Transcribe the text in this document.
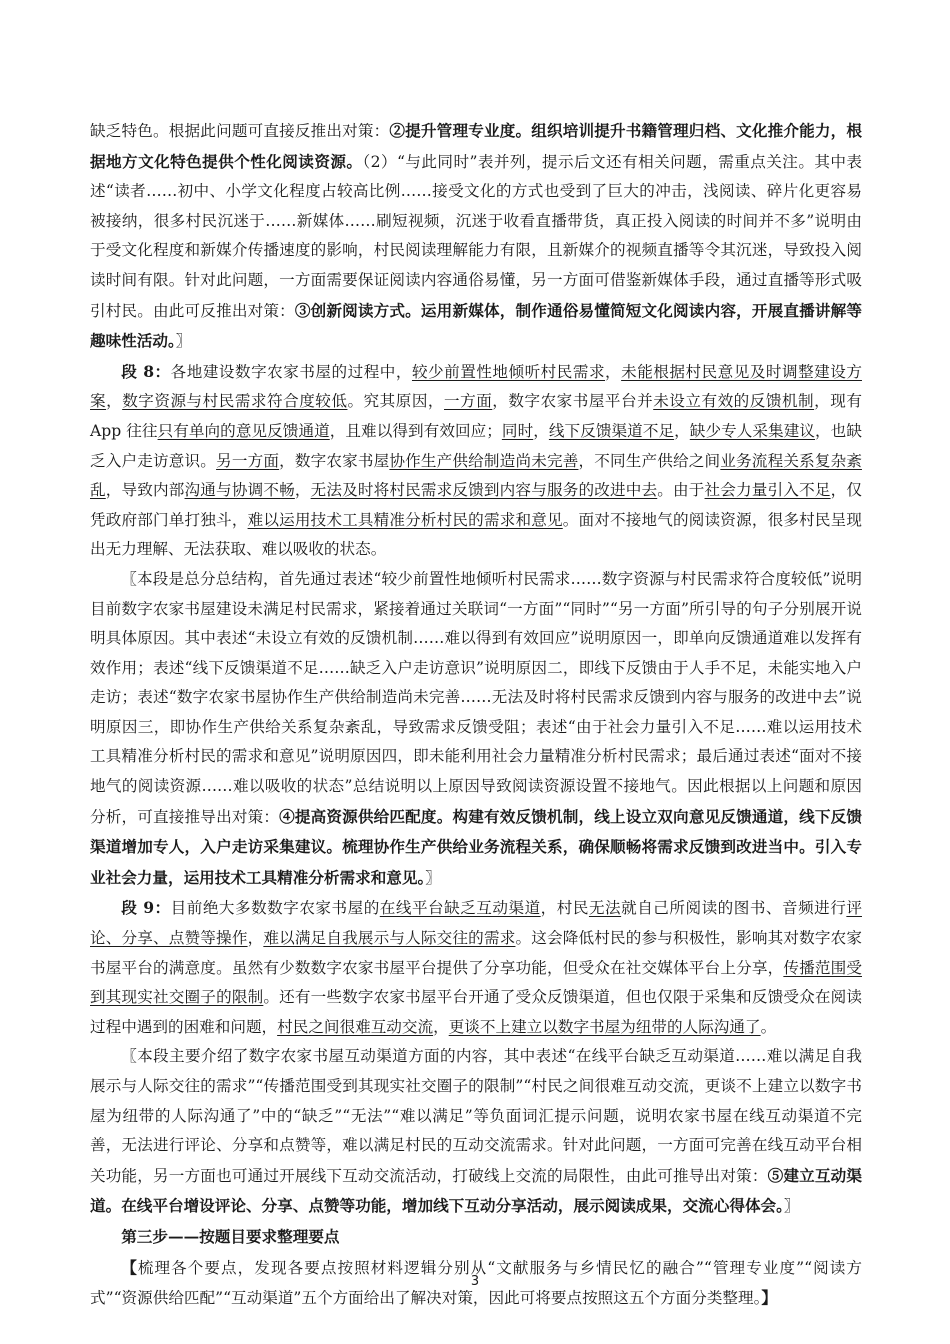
缺乏特色。根据此问题可直接反推出对策：②提升管理专业度。组织培训提升书籍管理归档、文化推介能力，根据地方文化特色提供个性化阅读资源。（2）“与此同时”表并列，提示后文还有相关问题，需重点关注。其中表述“读者……初中、小学文化程度占较高比例……接受文化的方式也受到了巨大的冲击，浅阅读、碎片化更容易被接纳，很多村民沉迷于……新媒体……刷短视频，沉迷于收看直播带货，真正投入阅读的时间并不多”说明由于受文化程度和新媒介传播速度的影响，村民阅读理解能力有限，且新媒介的视频直播等令其沉迷，导致投入阅读时间有限。针对此问题，一方面需要保证阅读内容通俗易懂，另一方面可借鉴新媒体手段，通过直播等形式吸引村民。由此可反推出对策：③创新阅读方式。运用新媒体，制作通俗易懂简短文化阅读内容，开展直播讲解等趣味性活动。〗

段 8：各地建设数字农家书屋的过程中，较少前置性地倾听村民需求，未能根据村民意见及时调整建设方案，数字资源与村民需求符合度较低。究其原因，一方面，数字农家书屋平台并未设立有效的反馈机制，现有 App 往往只有单向的意见反馈通道，且难以得到有效回应；同时，线下反馈渠道不足，缺少专人采集建议，也缺乏入户走访意识。另一方面，数字农家书屋协作生产供给制造尚未完善，不同生产供给之间业务流程关系复杂紊乱，导致内部沟通与协调不畅，无法及时将村民需求反馈到内容与服务的改进中去。由于社会力量引入不足，仅凭政府部门单打独斗，难以运用技术工具精准分析村民的需求和意见。面对不接地气的阅读资源，很多村民呈现出无力理解、无法获取、难以吸收的状态。

〖本段是总分总结构，首先通过表述“较少前置性地倾听村民需求……数字资源与村民需求符合度较低”说明目前数字农家书屋建设未满足村民需求，紧接着通过关联词“一方面”“同时”“另一方面”所引导的句子分别展开说明具体原因。其中表述“未设立有效的反馈机制……难以得到有效回应”说明原因一，即单向反馈通道难以发挥有效作用；表述“线下反馈渠道不足……缺乏入户走访意识”说明原因二，即线下反馈由于人手不足，未能实地入户走访；表述“数字农家书屋协作生产供给制造尚未完善……无法及时将村民需求反馈到内容与服务的改进中去”说明原因三，即协作生产供给关系复杂紊乱，导致需求反馈受阻；表述“由于社会力量引入不足……难以运用技术工具精准分析村民的需求和意见”说明原因四，即未能利用社会力量精准分析村民需求；最后通过表述“面对不接地气的阅读资源……难以吸收的状态”总结说明以上原因导致阅读资源设置不接地气。因此根据以上问题和原因分析，可直接推导出对策：④提高资源供给匹配度。构建有效反馈机制，线上设立双向意见反馈通道，线下反馈渠道增加专人，入户走访采集建议。梳理协作生产供给业务流程关系，确保顺畅将需求反馈到改进当中。引入专业社会力量，运用技术工具精准分析需求和意见。〗

段 9：目前绝大多数数字农家书屋的在线平台缺乏互动渠道，村民无法就自己所阅读的图书、音频进行评论、分享、点赞等操作，难以满足自我展示与人际交往的需求。这会降低村民的参与积极性，影响其对数字农家书屋平台的满意度。虽然有少数数字农家书屋平台提供了分享功能，但受众在社交媒体平台上分享，传播范围受到其现实社交圈子的限制。还有一些数字农家书屋平台开通了受众反馈渠道，但也仅限于采集和反馈受众在阅读过程中遇到的困难和问题，村民之间很难互动交流，更谈不上建立以数字书屋为纽带的人际沟通了。

〖本段主要介绍了数字农家书屋互动渠道方面的内容，其中表述“在线平台缺乏互动渠道……难以满足自我展示与人际交往的需求”“传播范围受到其现实社交圈子的限制”“村民之间很难互动交流，更谈不上建立以数字书屋为纽带的人际沟通了”中的“缺乏”“无法”“难以满足”等负面词汇提示问题，说明农家书屋在线互动渠道不完善，无法进行评论、分享和点赞等，难以满足村民的互动交流需求。针对此问题，一方面可完善在线互动平台相关功能，另一方面也可通过开展线下互动交流活动，打破线上交流的局限性，由此可推导出对策：⑤建立互动渠道。在线平台增设评论、分享、点赞等功能，增加线下互动分享活动，展示阅读成果，交流心得体会。〗

第三步——按题目要求整理要点

【梳理各个要点，发现各要点按照材料逻辑分别从“文献服务与乡情民忆的融合”“管理专业度”“阅读方式”“资源供给匹配”“互动渠道”五个方面给出了解决对策，因此可将要点按照这五个方面分类整理。】

3
